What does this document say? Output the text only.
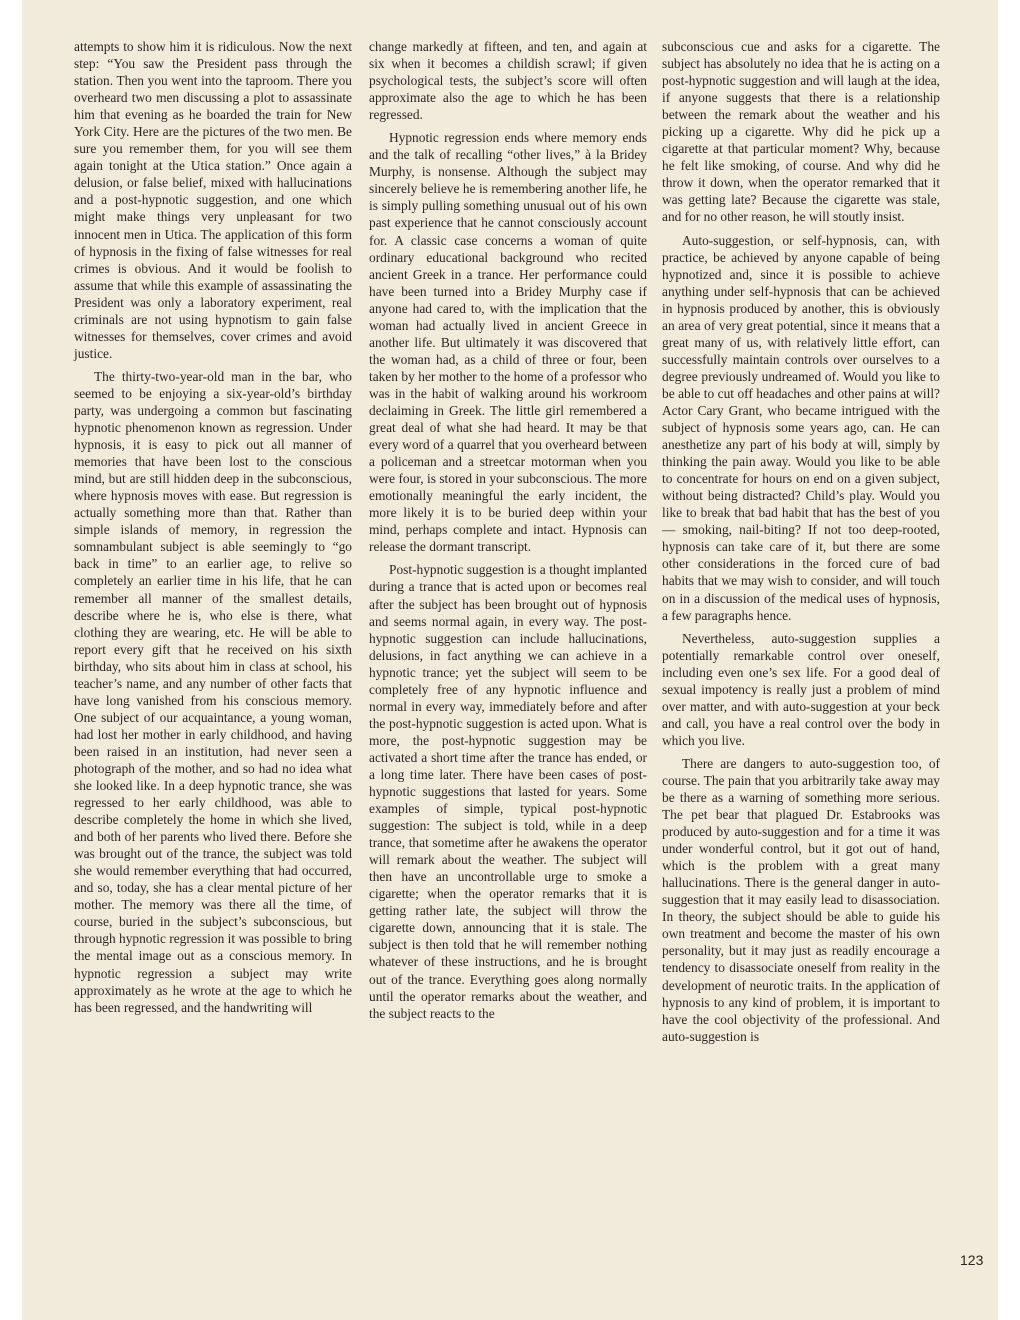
attempts to show him it is ridiculous. Now the next step: “You saw the President pass through the station. Then you went into the taproom. There you overheard two men discussing a plot to assassinate him that evening as he boarded the train for New York City. Here are the pictures of the two men. Be sure you remember them, for you will see them again tonight at the Utica station.” Once again a delusion, or false belief, mixed with hallucinations and a post-hypnotic suggestion, and one which might make things very unpleasant for two innocent men in Utica. The application of this form of hypnosis in the fixing of false witnesses for real crimes is obvious. And it would be foolish to assume that while this example of assassinating the President was only a laboratory experiment, real criminals are not using hypnotism to gain false witnesses for themselves, cover crimes and avoid justice.

The thirty-two-year-old man in the bar, who seemed to be enjoying a six-year-old’s birthday party, was undergoing a common but fascinating hypnotic phenomenon known as regression. Under hypnosis, it is easy to pick out all manner of memories that have been lost to the conscious mind, but are still hidden deep in the subconscious, where hypnosis moves with ease. But regression is actually something more than that. Rather than simple islands of memory, in regression the somnambulant subject is able seemingly to “go back in time” to an earlier age, to relive so completely an earlier time in his life, that he can remember all manner of the smallest details, describe where he is, who else is there, what clothing they are wearing, etc. He will be able to report every gift that he received on his sixth birthday, who sits about him in class at school, his teacher’s name, and any number of other facts that have long vanished from his conscious memory. One subject of our acquaintance, a young woman, had lost her mother in early childhood, and having been raised in an institution, had never seen a photograph of the mother, and so had no idea what she looked like. In a deep hypnotic trance, she was regressed to her early childhood, was able to describe completely the home in which she lived, and both of her parents who lived there. Before she was brought out of the trance, the subject was told she would remember everything that had occurred, and so, today, she has a clear mental picture of her mother. The memory was there all the time, of course, buried in the subject’s subconscious, but through hypnotic regression it was possible to bring the mental image out as a conscious memory. In hypnotic regression a subject may write approximately as he wrote at the age to which he has been regressed, and the handwriting will

change markedly at fifteen, and ten, and again at six when it becomes a childish scrawl; if given psychological tests, the subject’s score will often approximate also the age to which he has been regressed.

Hypnotic regression ends where memory ends and the talk of recalling “other lives,” à la Bridey Murphy, is nonsense. Although the subject may sincerely believe he is remembering another life, he is simply pulling something unusual out of his own past experience that he cannot consciously account for. A classic case concerns a woman of quite ordinary educational background who recited ancient Greek in a trance. Her performance could have been turned into a Bridey Murphy case if anyone had cared to, with the implication that the woman had actually lived in ancient Greece in another life. But ultimately it was discovered that the woman had, as a child of three or four, been taken by her mother to the home of a professor who was in the habit of walking around his workroom declaiming in Greek. The little girl remembered a great deal of what she had heard. It may be that every word of a quarrel that you overheard between a policeman and a streetcar motorman when you were four, is stored in your subconscious. The more emotionally meaningful the early incident, the more likely it is to be buried deep within your mind, perhaps complete and intact. Hypnosis can release the dormant transcript.

Post-hypnotic suggestion is a thought implanted during a trance that is acted upon or becomes real after the subject has been brought out of hypnosis and seems normal again, in every way. The post-hypnotic suggestion can include hallucinations, delusions, in fact anything we can achieve in a hypnotic trance; yet the subject will seem to be completely free of any hypnotic influence and normal in every way, immediately before and after the post-hypnotic suggestion is acted upon. What is more, the post-hypnotic suggestion may be activated a short time after the trance has ended, or a long time later. There have been cases of post-hypnotic suggestions that lasted for years. Some examples of simple, typical post-hypnotic suggestion: The subject is told, while in a deep trance, that sometime after he awakens the operator will remark about the weather. The subject will then have an uncontrollable urge to smoke a cigarette; when the operator remarks that it is getting rather late, the subject will throw the cigarette down, announcing that it is stale. The subject is then told that he will remember nothing whatever of these instructions, and he is brought out of the trance. Everything goes along normally until the operator remarks about the weather, and the subject reacts to the

subconscious cue and asks for a cigarette. The subject has absolutely no idea that he is acting on a post-hypnotic suggestion and will laugh at the idea, if anyone suggests that there is a relationship between the remark about the weather and his picking up a cigarette. Why did he pick up a cigarette at that particular moment? Why, because he felt like smoking, of course. And why did he throw it down, when the operator remarked that it was getting late? Because the cigarette was stale, and for no other reason, he will stoutly insist.

Auto-suggestion, or self-hypnosis, can, with practice, be achieved by anyone capable of being hypnotized and, since it is possible to achieve anything under self-hypnosis that can be achieved in hypnosis produced by another, this is obviously an area of very great potential, since it means that a great many of us, with relatively little effort, can successfully maintain controls over ourselves to a degree previously undreamed of. Would you like to be able to cut off headaches and other pains at will? Actor Cary Grant, who became intrigued with the subject of hypnosis some years ago, can. He can anesthetize any part of his body at will, simply by thinking the pain away. Would you like to be able to concentrate for hours on end on a given subject, without being distracted? Child’s play. Would you like to break that bad habit that has the best of you — smoking, nail-biting? If not too deep-rooted, hypnosis can take care of it, but there are some other considerations in the forced cure of bad habits that we may wish to consider, and will touch on in a discussion of the medical uses of hypnosis, a few paragraphs hence.

Nevertheless, auto-suggestion supplies a potentially remarkable control over oneself, including even one’s sex life. For a good deal of sexual impotency is really just a problem of mind over matter, and with auto-suggestion at your beck and call, you have a real control over the body in which you live.

There are dangers to auto-suggestion too, of course. The pain that you arbitrarily take away may be there as a warning of something more serious. The pet bear that plagued Dr. Estabrooks was produced by auto-suggestion and for a time it was under wonderful control, but it got out of hand, which is the problem with a great many hallucinations. There is the general danger in auto-suggestion that it may easily lead to disassociation. In theory, the subject should be able to guide his own treatment and become the master of his own personality, but it may just as readily encourage a tendency to disassociate oneself from reality in the development of neurotic traits. In the application of hypnosis to any kind of problem, it is important to have the cool objectivity of the professional. And auto-suggestion is

123
